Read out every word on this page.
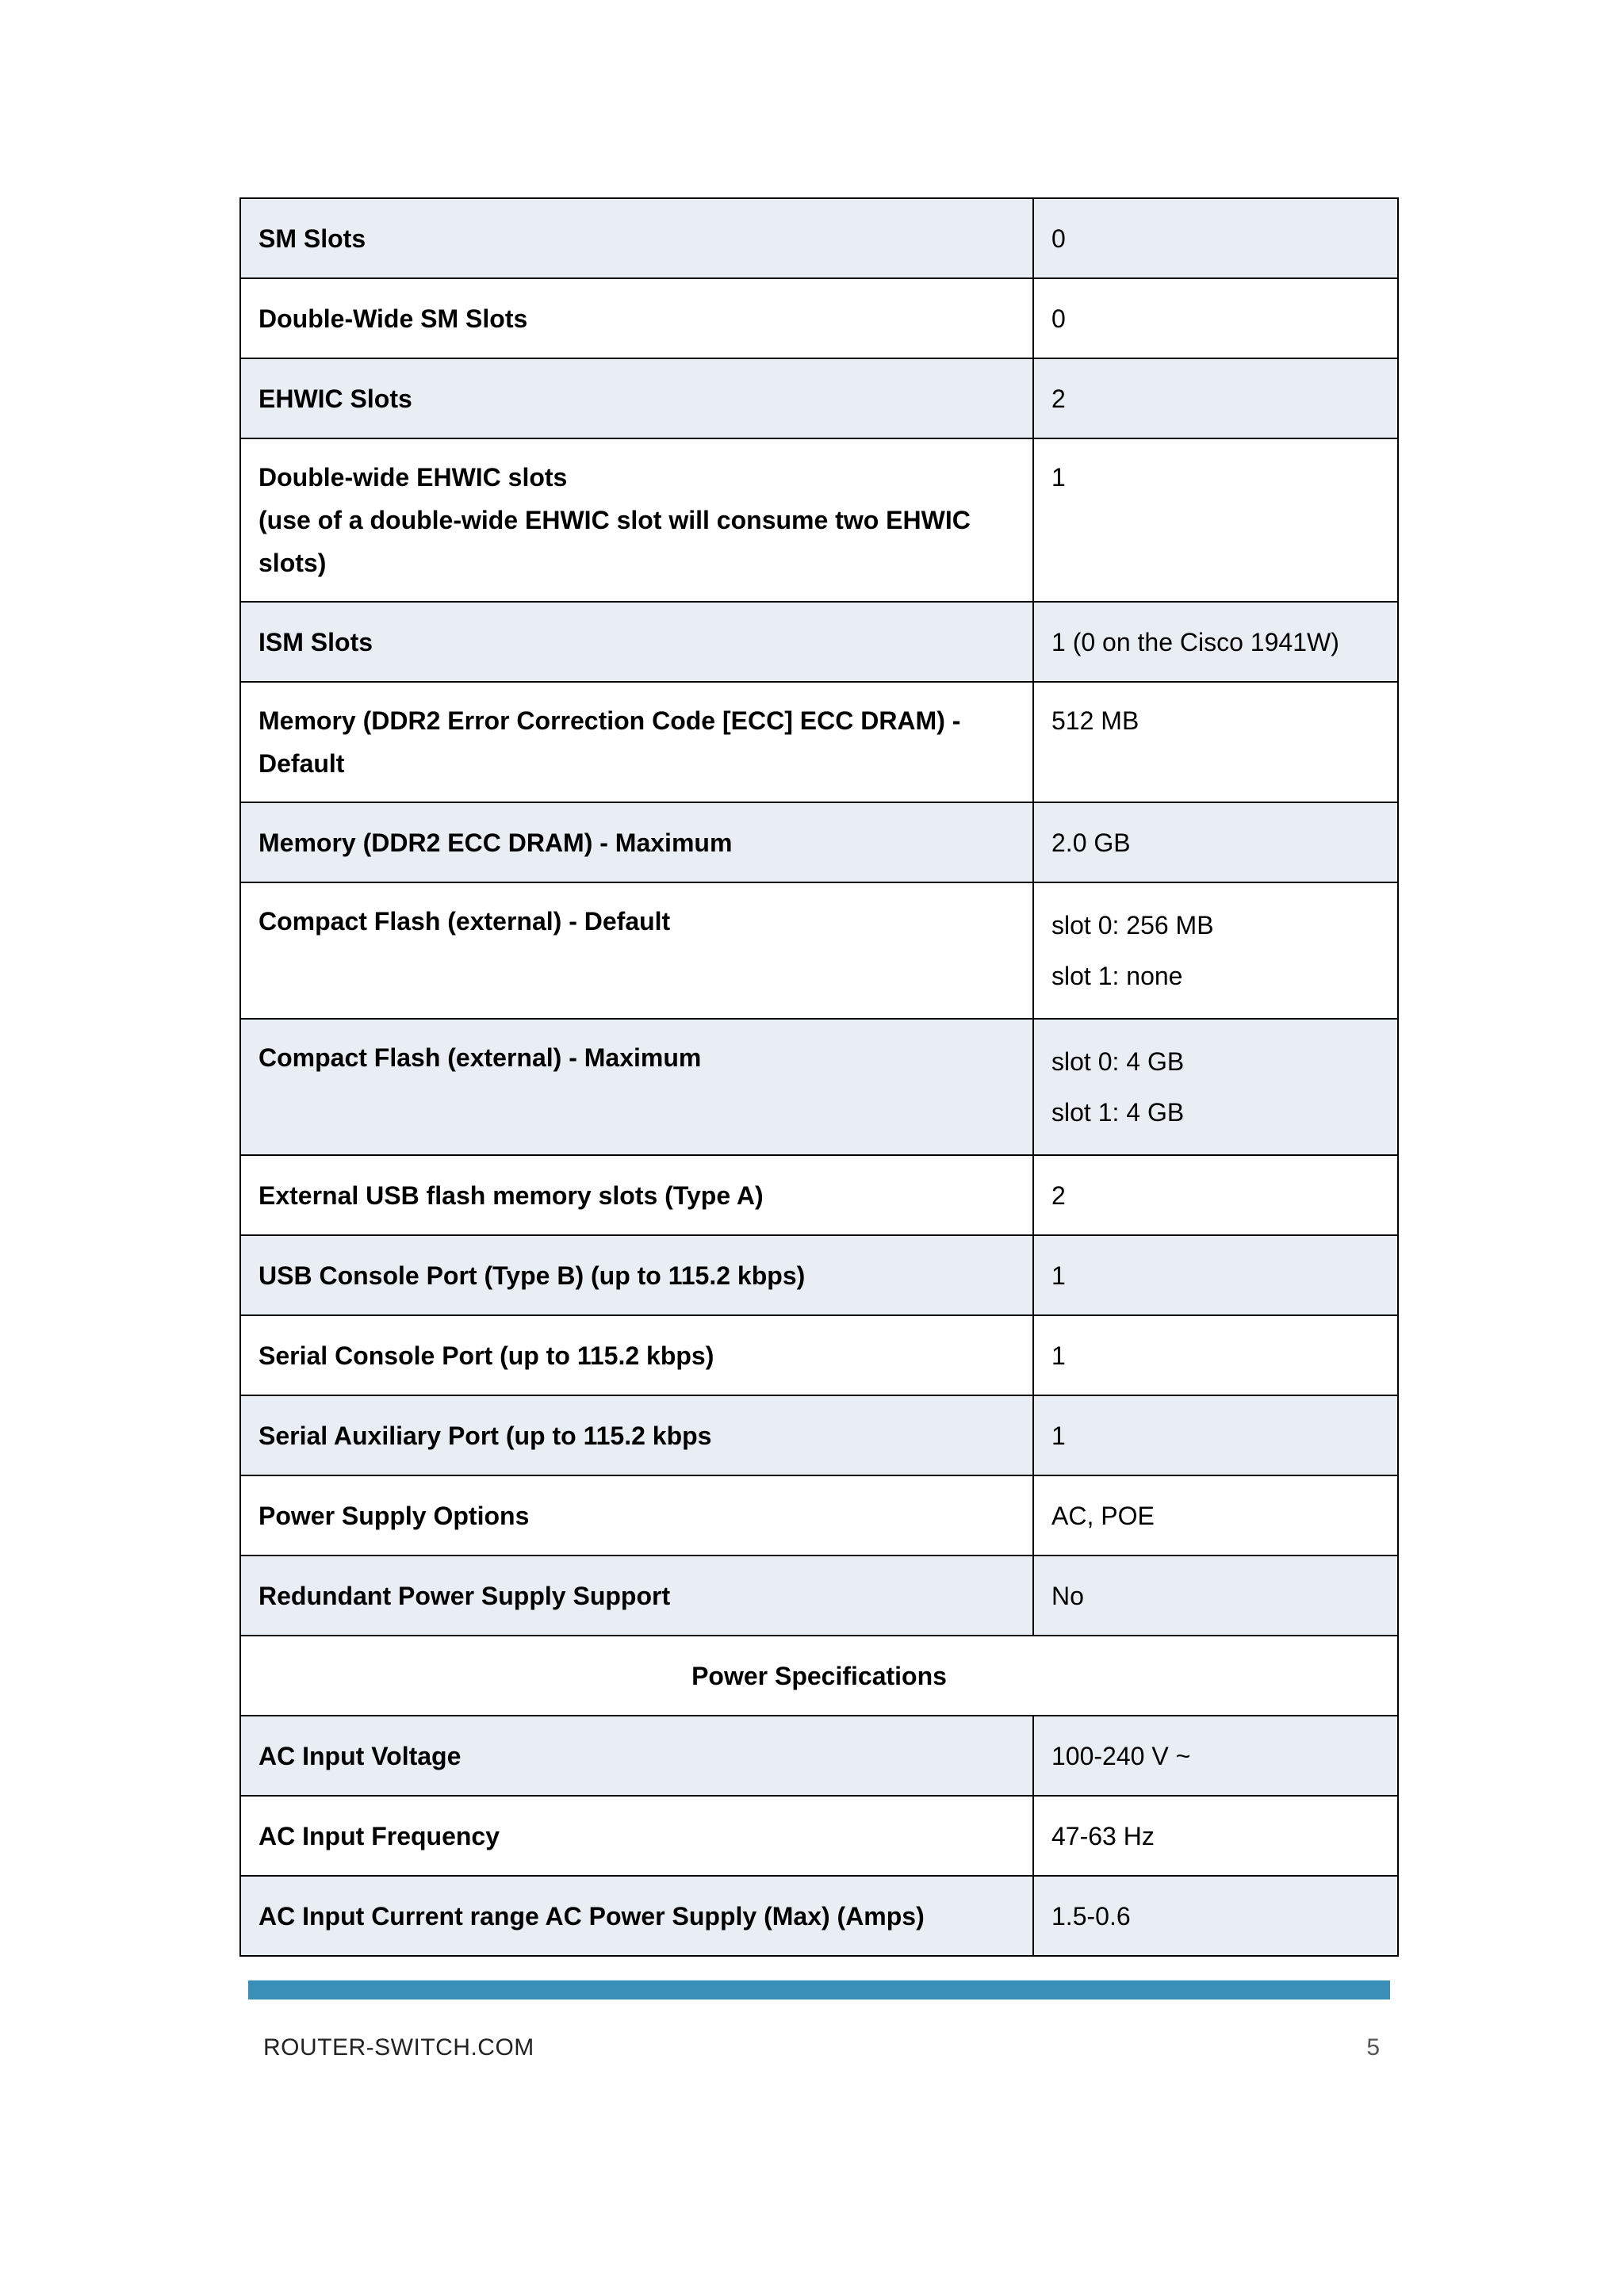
SM Slots	0

Double-Wide SM Slots	0

EHWIC Slots	2

Double-wide EHWIC slots
(use of a double-wide EHWIC slot will consume two EHWIC
slots)	1

ISM Slots	1 (0 on the Cisco 1941W)

Memory (DDR2 Error Correction Code [ECC] ECC DRAM) -
Default	512 MB

Memory (DDR2 ECC DRAM) - Maximum	2.0 GB

Compact Flash (external) - Default	slot 0: 256 MB
slot 1: none

Compact Flash (external) - Maximum	slot 0: 4 GB
slot 1: 4 GB

External USB flash memory slots (Type A)	2

USB Console Port (Type B) (up to 115.2 kbps)	1

Serial Console Port (up to 115.2 kbps)	1

Serial Auxiliary Port (up to 115.2 kbps	1

Power Supply Options	AC, POE

Redundant Power Supply Support	No

Power Specifications	

AC Input Voltage	100-240 V ~

AC Input Frequency	47-63 Hz

AC Input Current range AC Power Supply (Max) (Amps)	1.5-0.6
ROUTER-SWITCH.COM	5
